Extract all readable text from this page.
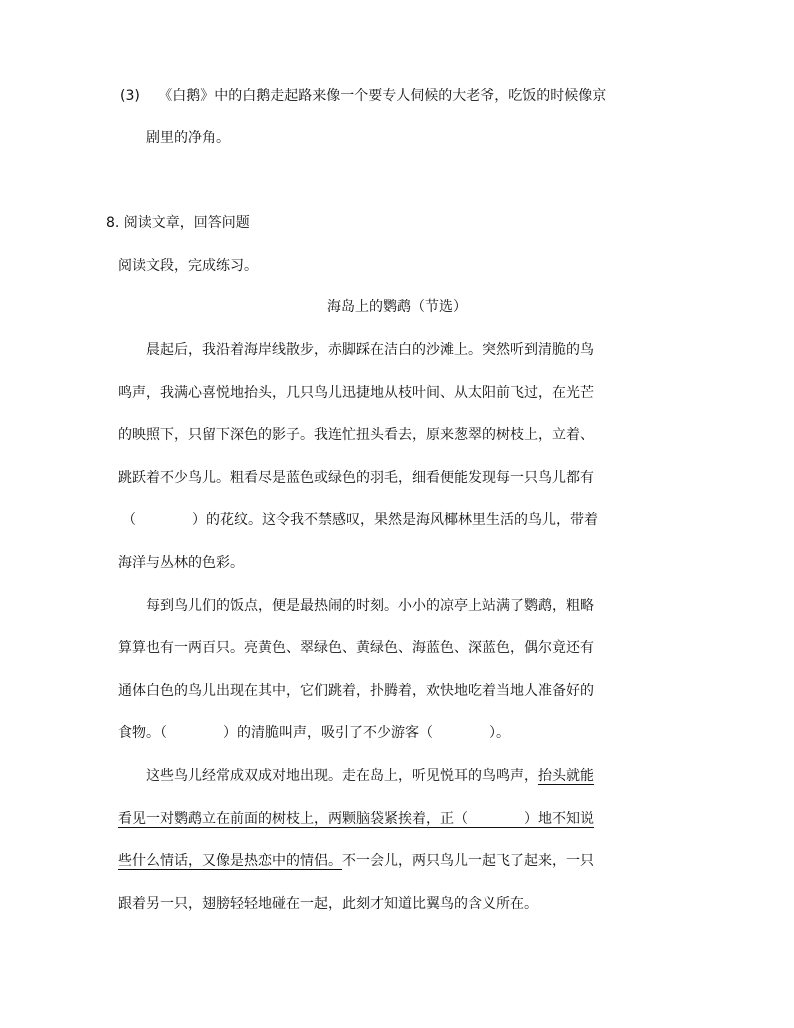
(3)　 《白鹅》中的白鹅走起路来像一个要专人伺候的大老爷，吃饭的时候像京
剧里的净角。
8. 阅读文章，回答问题
阅读文段，完成练习。
海岛上的鹦鹉（节选）
晨起后，我沿着海岸线散步，赤脚踩在洁白的沙滩上。突然听到清脆的鸟
鸣声，我满心喜悦地抬头，几只鸟儿迅捷地从枝叶间、从太阳前飞过，在光芒
的映照下，只留下深色的影子。我连忙扭头看去，原来葱翠的树枝上，立着、
跳跃着不少鸟儿。粗看尽是蓝色或绿色的羽毛，细看便能发现每一只鸟儿都有
（　　　　）的花纹。这令我不禁感叹，果然是海风椰林里生活的鸟儿，带着
海洋与丛林的色彩。
每到鸟儿们的饭点，便是最热闹的时刻。小小的凉亭上站满了鹦鹉，粗略
算算也有一两百只。亮黄色、翠绿色、黄绿色、海蓝色、深蓝色，偶尔竟还有
通体白色的鸟儿出现在其中，它们跳着，扑腾着，欢快地吃着当地人准备好的
食物。（　　　　）的清脆叫声，吸引了不少游客（　　　　）。
这些鸟儿经常成双成对地出现。走在岛上，听见悦耳的鸟鸣声，抬头就能
看见一对鹦鹉立在前面的树枝上，两颗脑袋紧挨着，正（　　　　）地不知说
些什么情话，又像是热恋中的情侣。不一会儿，两只鸟儿一起飞了起来，一只
跟着另一只，翅膀轻轻地碰在一起，此刻才知道比翼鸟的含义所在。
